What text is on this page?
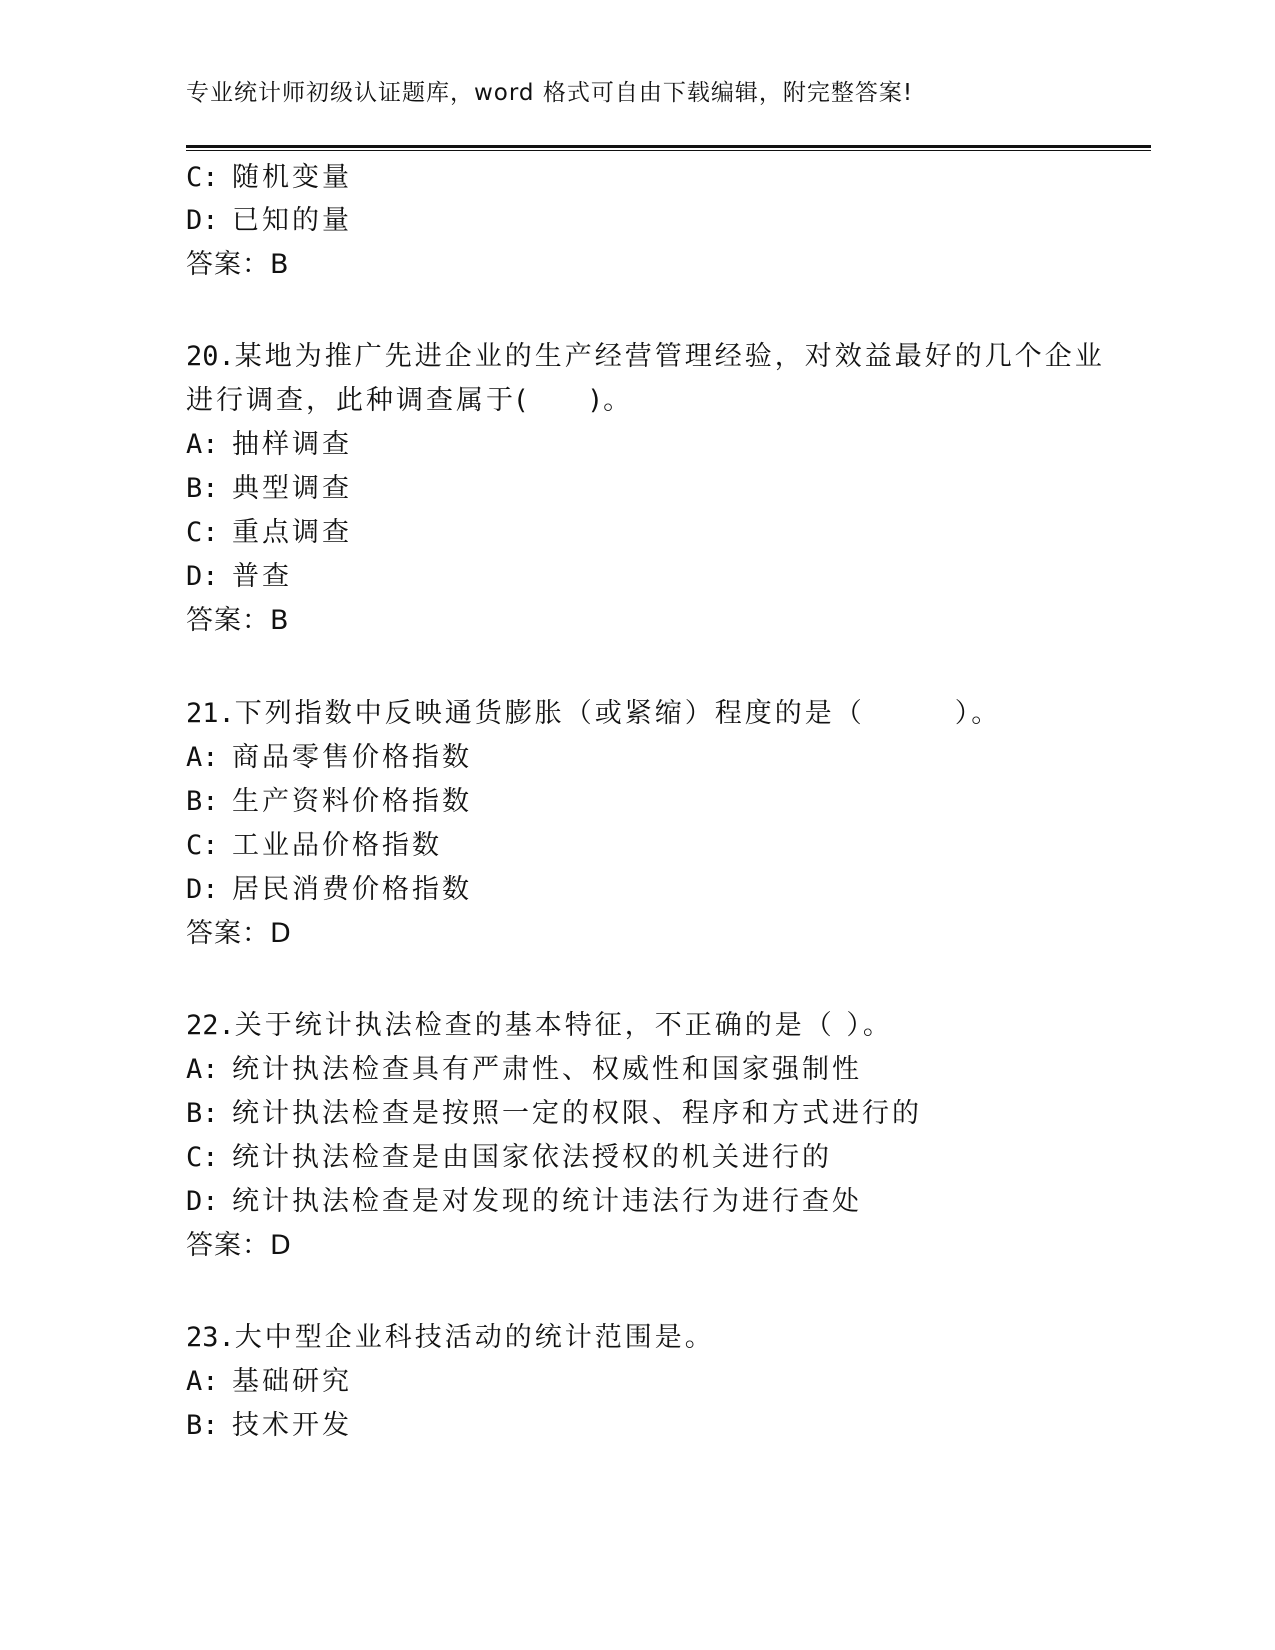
专业统计师初级认证题库，word 格式可自由下载编辑，附完整答案!
C: 随机变量
D: 已知的量
答案：B
20.某地为推广先进企业的生产经营管理经验，对效益最好的几个企业
进行调查，此种调查属于(　　)。
A: 抽样调查
B: 典型调查
C: 重点调查
D: 普查
答案：B
21.下列指数中反映通货膨胀（或紧缩）程度的是（　　　）。
A: 商品零售价格指数
B: 生产资料价格指数
C: 工业品价格指数
D: 居民消费价格指数
答案：D
22.关于统计执法检查的基本特征，不正确的是（ ）。
A: 统计执法检查具有严肃性、权威性和国家强制性
B: 统计执法检查是按照一定的权限、程序和方式进行的
C: 统计执法检查是由国家依法授权的机关进行的
D: 统计执法检查是对发现的统计违法行为进行查处
答案：D
23.大中型企业科技活动的统计范围是。
A: 基础研究
B: 技术开发
